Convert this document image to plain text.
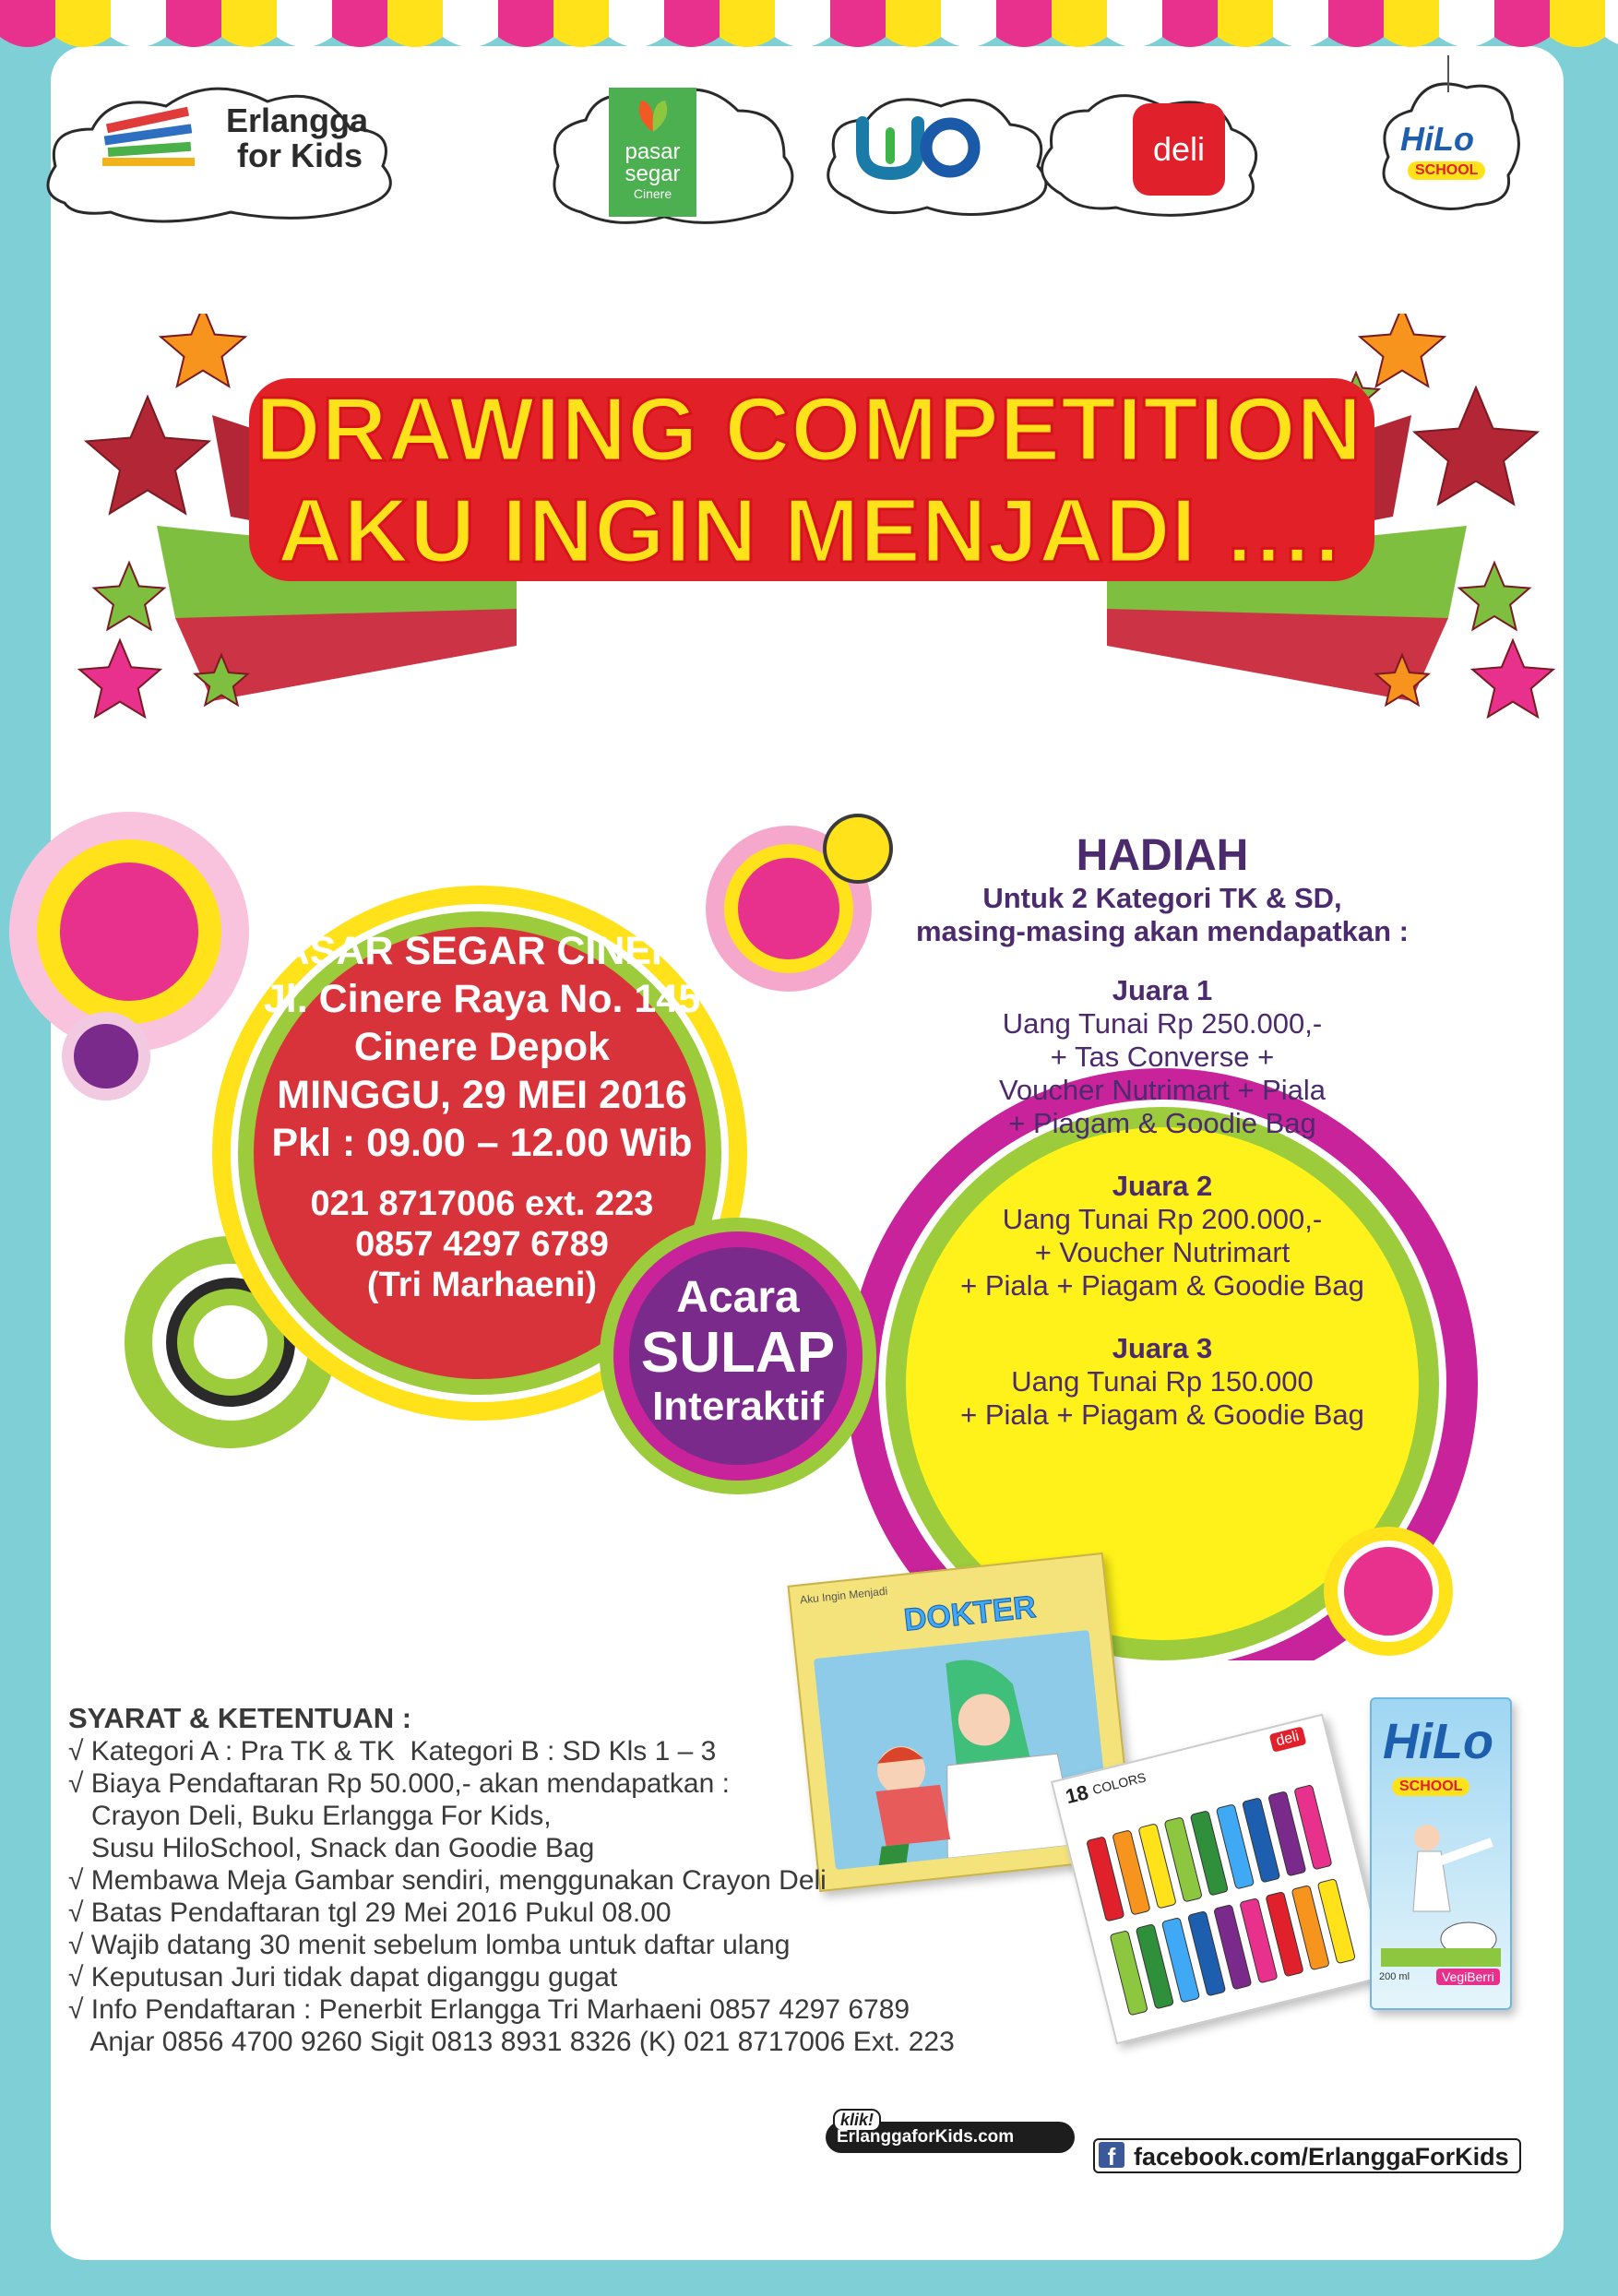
Erlangga
for Kids	pasar
segar
Cinere
deli	HiLo
SCHOOL
DRAWING COMPETITION
AKU INGIN MENJADI ….
PASAR SEGAR CINERE
Jl. Cinere Raya No. 145
Cinere Depok
MINGGU, 29 MEI 2016
Pkl : 09.00 – 12.00 Wib
021 8717006 ext. 223
0857 4297 6789
(Tri Marhaeni)	Acara
SULAP
Interaktif
HADIAH
Untuk 2 Kategori TK & SD,
masing-masing akan mendapatkan :
Juara 1
Uang Tunai Rp 250.000,-
+ Tas Converse +
Voucher Nutrimart + Piala
+ Piagam & Goodie Bag
Juara 2
Uang Tunai Rp 200.000,-
+ Voucher Nutrimart
+ Piala + Piagam & Goodie Bag
Juara 3
Uang Tunai Rp 150.000
+ Piala + Piagam & Goodie Bag
Aku Ingin Menjadi DOKTER
18 COLORS
deli HiLo
SCHOOL
200 ml	VegiBerri
SYARAT & KETENTUAN :
√ Kategori A : Pra TK & TK  Kategori B : SD Kls 1 – 3
√ Biaya Pendaftaran Rp 50.000,- akan mendapatkan :
Crayon Deli, Buku Erlangga For Kids,
Susu HiloSchool, Snack dan Goodie Bag
√ Membawa Meja Gambar sendiri, menggunakan Crayon Deli
√ Batas Pendaftaran tgl 29 Mei 2016 Pukul 08.00
√ Wajib datang 30 menit sebelum lomba untuk daftar ulang
√ Keputusan Juri tidak dapat diganggu gugat
√ Info Pendaftaran : Penerbit Erlangga Tri Marhaeni 0857 4297 6789
Anjar 0856 4700 9260 Sigit 0813 8931 8326 (K) 021 8717006 Ext. 223
klik!
ErlanggaforKids.com
f facebook.com/ErlanggaForKids
